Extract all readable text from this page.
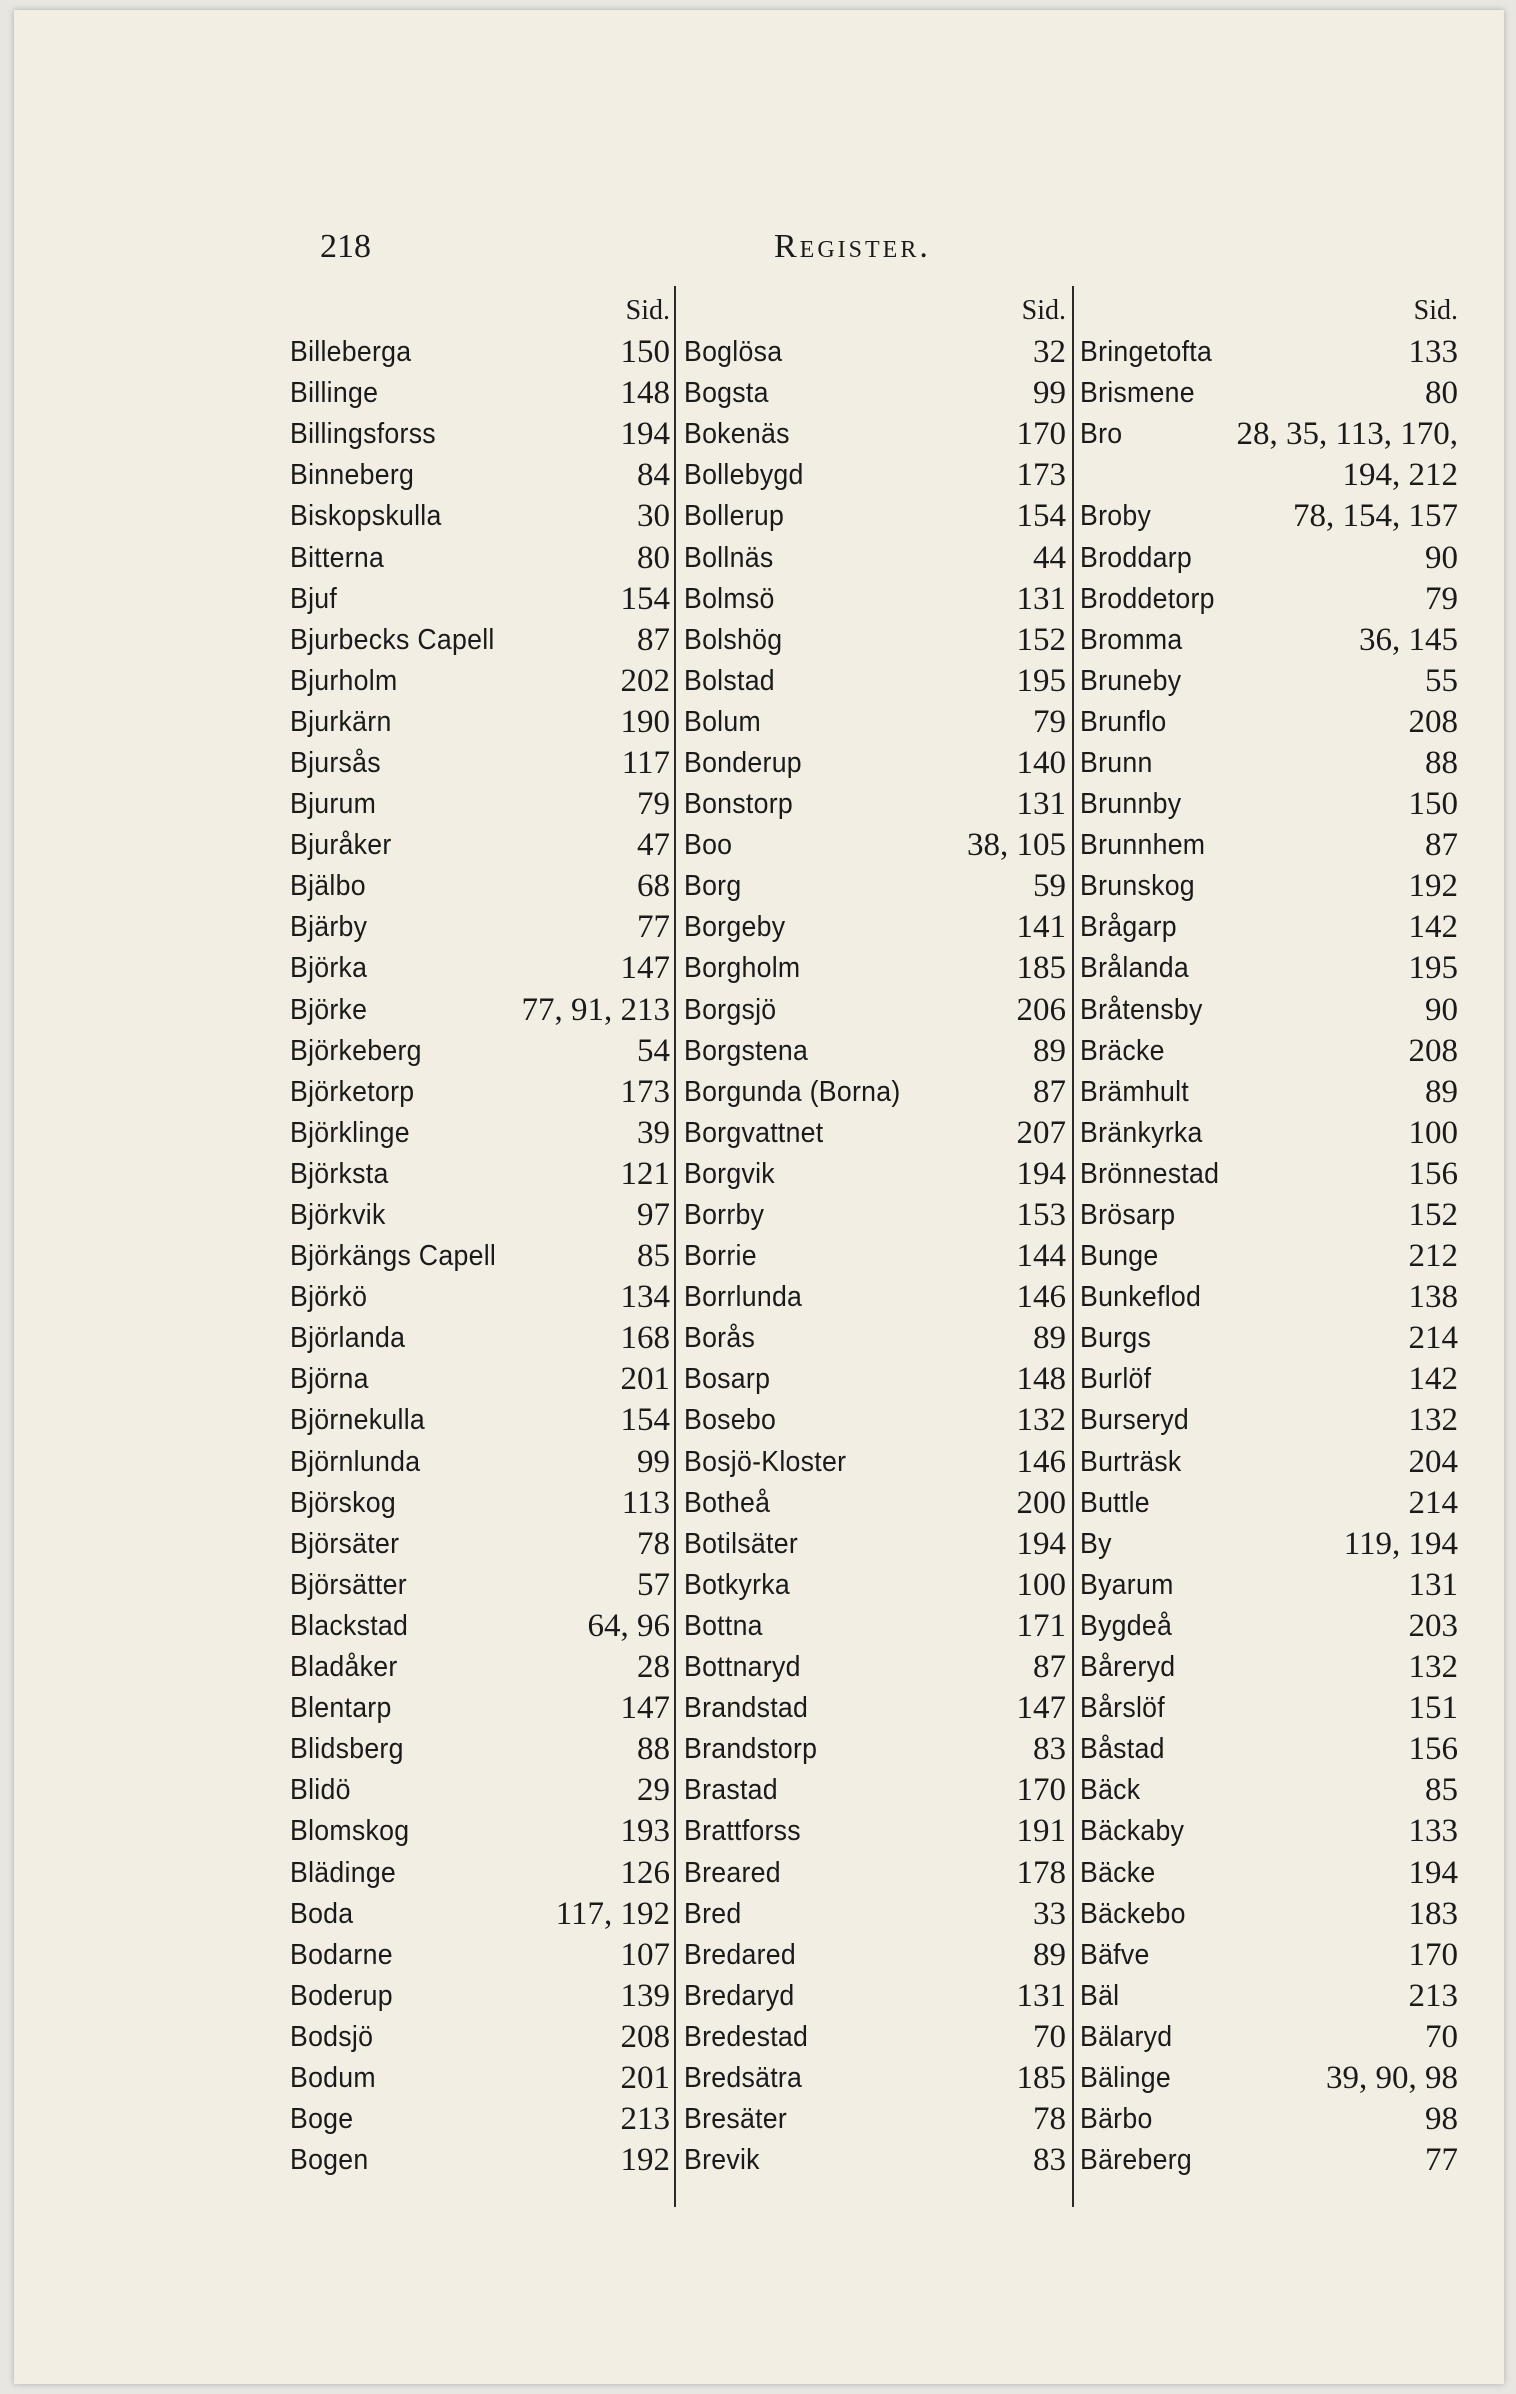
218	Register.
Sid.
Billeberga	150
Billinge	148
Billingsforss	194
Binneberg	84
Biskopskulla	30
Bitterna	80
Bjuf	154
Bjurbecks Capell	87
Bjurholm	202
Bjurkärn	190
Bjursås	117
Bjurum	79
Bjuråker	47
Bjälbo	68
Bjärby	77
Björka	147
Björke	77, 91, 213
Björkeberg	54
Björketorp	173
Björklinge	39
Björksta	121
Björkvik	97
Björkängs Capell	85
Björkö	134
Björlanda	168
Björna	201
Björnekulla	154
Björnlunda	99
Björskog	113
Björsäter	78
Björsätter	57
Blackstad	64, 96
Bladåker	28
Blentarp	147
Blidsberg	88
Blidö	29
Blomskog	193
Blädinge	126
Boda	117, 192
Bodarne	107
Boderup	139
Bodsjö	208
Bodum	201
Boge	213
Bogen	192
Sid.
Boglösa	32
Bogsta	99
Bokenäs	170
Bollebygd	173
Bollerup	154
Bollnäs	44
Bolmsö	131
Bolshög	152
Bolstad	195
Bolum	79
Bonderup	140
Bonstorp	131
Boo	38, 105
Borg	59
Borgeby	141
Borgholm	185
Borgsjö	206
Borgstena	89
Borgunda (Borna)	87
Borgvattnet	207
Borgvik	194
Borrby	153
Borrie	144
Borrlunda	146
Borås	89
Bosarp	148
Bosebo	132
Bosjö-Kloster	146
Botheå	200
Botilsäter	194
Botkyrka	100
Bottna	171
Bottnaryd	87
Brandstad	147
Brandstorp	83
Brastad	170
Brattforss	191
Breared	178
Bred	33
Bredared	89
Bredaryd	131
Bredestad	70
Bredsätra	185
Bresäter	78
Brevik	83
Sid.
Bringetofta	133
Brismene	80
Bro	28, 35, 113, 170,
194, 212
Broby	78, 154, 157
Broddarp	90
Broddetorp	79
Bromma	36, 145
Bruneby	55
Brunflo	208
Brunn	88
Brunnby	150
Brunnhem	87
Brunskog	192
Brågarp	142
Brålanda	195
Bråtensby	90
Bräcke	208
Brämhult	89
Bränkyrka	100
Brönnestad	156
Brösarp	152
Bunge	212
Bunkeflod	138
Burgs	214
Burlöf	142
Burseryd	132
Burträsk	204
Buttle	214
By	119, 194
Byarum	131
Bygdeå	203
Båreryd	132
Bårslöf	151
Båstad	156
Bäck	85
Bäckaby	133
Bäcke	194
Bäckebo	183
Bäfve	170
Bäl	213
Bälaryd	70
Bälinge	39, 90, 98
Bärbo	98
Bäreberg	77
